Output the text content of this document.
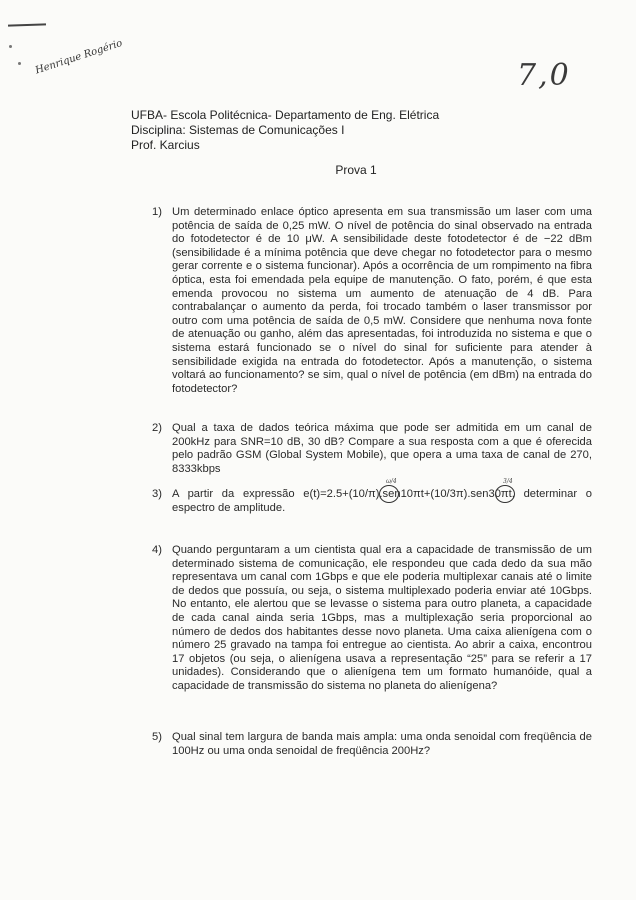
Henrique Rogério	7,0
UFBA- Escola Politécnica- Departamento de Eng. Elétrica
Disciplina: Sistemas de Comunicações I
Prof. Karcius
Prova 1
1) Um determinado enlace óptico apresenta em sua transmissão um laser com uma potência de saída de 0,25 mW. O nível de potência do sinal observado na entrada do fotodetector é de 10 μW. A sensibilidade deste fotodetector é de −22 dBm (sensibilidade é a mínima potência que deve chegar no fotodetector para o mesmo gerar corrente e o sistema funcionar). Após a ocorrência de um rompimento na fibra óptica, esta foi emendada pela equipe de manutenção. O fato, porém, é que esta emenda provocou no sistema um aumento de atenuação de 4 dB. Para contrabalançar o aumento da perda, foi trocado também o laser transmissor por outro com uma potência de saída de 0,5 mW. Considere que nenhuma nova fonte de atenuação ou ganho, além das apresentadas, foi introduzida no sistema e que o sistema estará funcionado se o nível do sinal for suficiente para atender à sensibilidade exigida na entrada do fotodetector. Após a manutenção, o sistema voltará ao funcionamento? se sim, qual o nível de potência (em dBm) na entrada do fotodetector?
2) Qual a taxa de dados teórica máxima que pode ser admitida em um canal de 200kHz para SNR=10 dB, 30 dB? Compare a sua resposta com a que é oferecida pelo padrão GSM (Global System Mobile), que opera a uma taxa de canal de 270, 8333kbps
3) A partir da expressão e(t)=2.5+(10/π).sen10πt+(10/3π).sen30πt, determinar o espectro de amplitude.
ω/4	3/4
4) Quando perguntaram a um cientista qual era a capacidade de transmissão de um determinado sistema de comunicação, ele respondeu que cada dedo da sua mão representava um canal com 1Gbps e que ele poderia multiplexar canais até o limite de dedos que possuía, ou seja, o sistema multiplexado poderia enviar até 10Gbps. No entanto, ele alertou que se levasse o sistema para outro planeta, a capacidade de cada canal ainda seria 1Gbps, mas a multiplexação seria proporcional ao número de dedos dos habitantes desse novo planeta. Uma caixa alienígena com o número 25 gravado na tampa foi entregue ao cientista. Ao abrir a caixa, encontrou 17 objetos (ou seja, o alienígena usava a representação “25” para se referir a 17 unidades). Considerando que o alienígena tem um formato humanóide, qual a capacidade de transmissão do sistema no planeta do alienígena?
5) Qual sinal tem largura de banda mais ampla: uma onda senoidal com freqüência de 100Hz ou uma onda senoidal de freqüência 200Hz?
